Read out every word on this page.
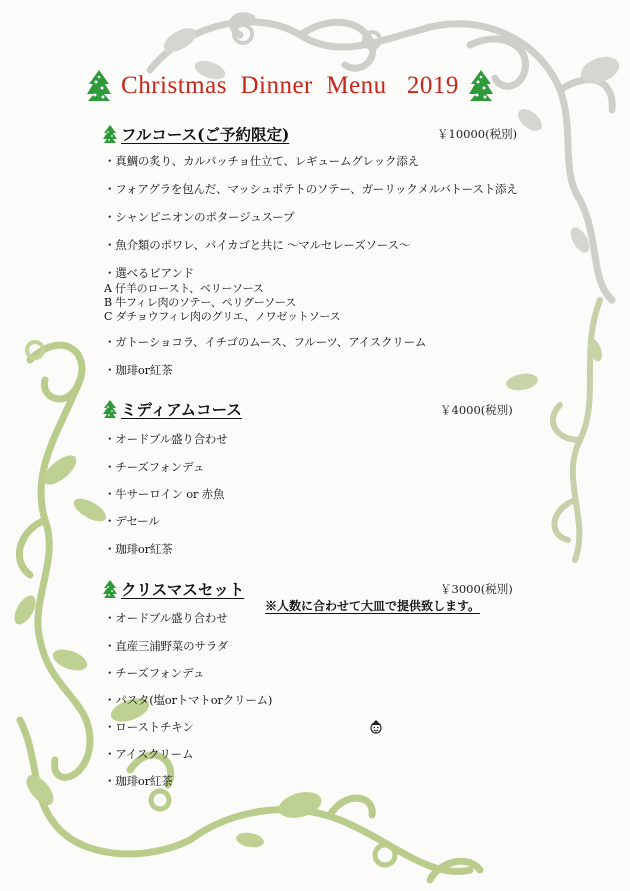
Christmas  Dinner  Menu   2019
フルコース(ご予約限定)	￥10000(税別)
・真鯛の炙り、カルパッチョ仕立て、レギュームグレック添え
・フォアグラを包んだ、マッシュポテトのソテー、ガーリックメルバトースト添え
・シャンピニオンのポタージュスープ
・魚介類のポワレ、パイカゴと共に ～マルセレーズソース～
・選べるビアンド
A 仔羊のロースト、ベリーソース
B 牛フィレ肉のソテー、ペリグーソース
C ダチョウフィレ肉のグリエ、ノワゼットソース
・ガトーショコラ、イチゴのムース、フルーツ、アイスクリーム
・珈琲or紅茶
ミディアムコース	￥4000(税別)
・オードブル盛り合わせ
・チーズフォンデュ
・牛サーロイン or 赤魚
・デセール
・珈琲or紅茶
クリスマスセット	￥3000(税別)
※人数に合わせて大皿で提供致します。
・オードブル盛り合わせ
・直産三浦野菜のサラダ
・チーズフォンデュ
・パスタ(塩orトマトorクリーム)
・ローストチキン
・アイスクリーム
・珈琲or紅茶
